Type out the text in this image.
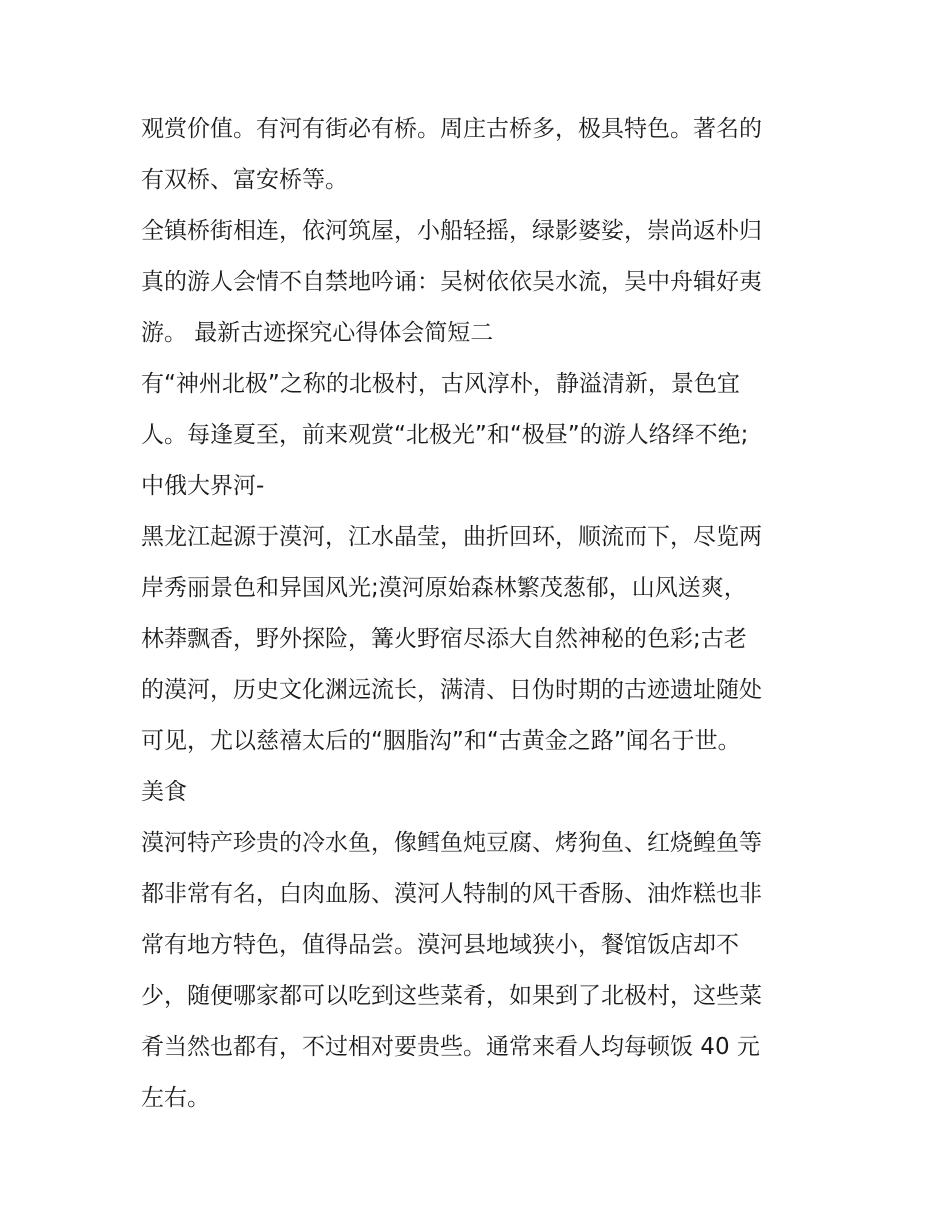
观赏价值。有河有街必有桥。周庄古桥多，极具特色。著名的
有双桥、富安桥等。
全镇桥街相连，依河筑屋，小船轻摇，绿影婆娑，崇尚返朴归
真的游人会情不自禁地吟诵：吴树依依吴水流，吴中舟辑好夷
游。 最新古迹探究心得体会简短二
有“神州北极”之称的北极村，古风淳朴，静溢清新，景色宜
人。每逢夏至，前来观赏“北极光”和“极昼”的游人络绎不绝;
中俄大界河-
黑龙江起源于漠河，江水晶莹，曲折回环，顺流而下，尽览两
岸秀丽景色和异国风光;漠河原始森林繁茂葱郁，山风送爽，
林莽飘香，野外探险，篝火野宿尽添大自然神秘的色彩;古老
的漠河，历史文化渊远流长，满清、日伪时期的古迹遗址随处
可见，尤以慈禧太后的“胭脂沟”和“古黄金之路”闻名于世。
美食
漠河特产珍贵的冷水鱼，像鳕鱼炖豆腐、烤狗鱼、红烧鳇鱼等
都非常有名，白肉血肠、漠河人特制的风干香肠、油炸糕也非
常有地方特色，值得品尝。漠河县地域狭小，餐馆饭店却不
少，随便哪家都可以吃到这些菜肴，如果到了北极村，这些菜
肴当然也都有，不过相对要贵些。通常来看人均每顿饭 40 元
左右。
